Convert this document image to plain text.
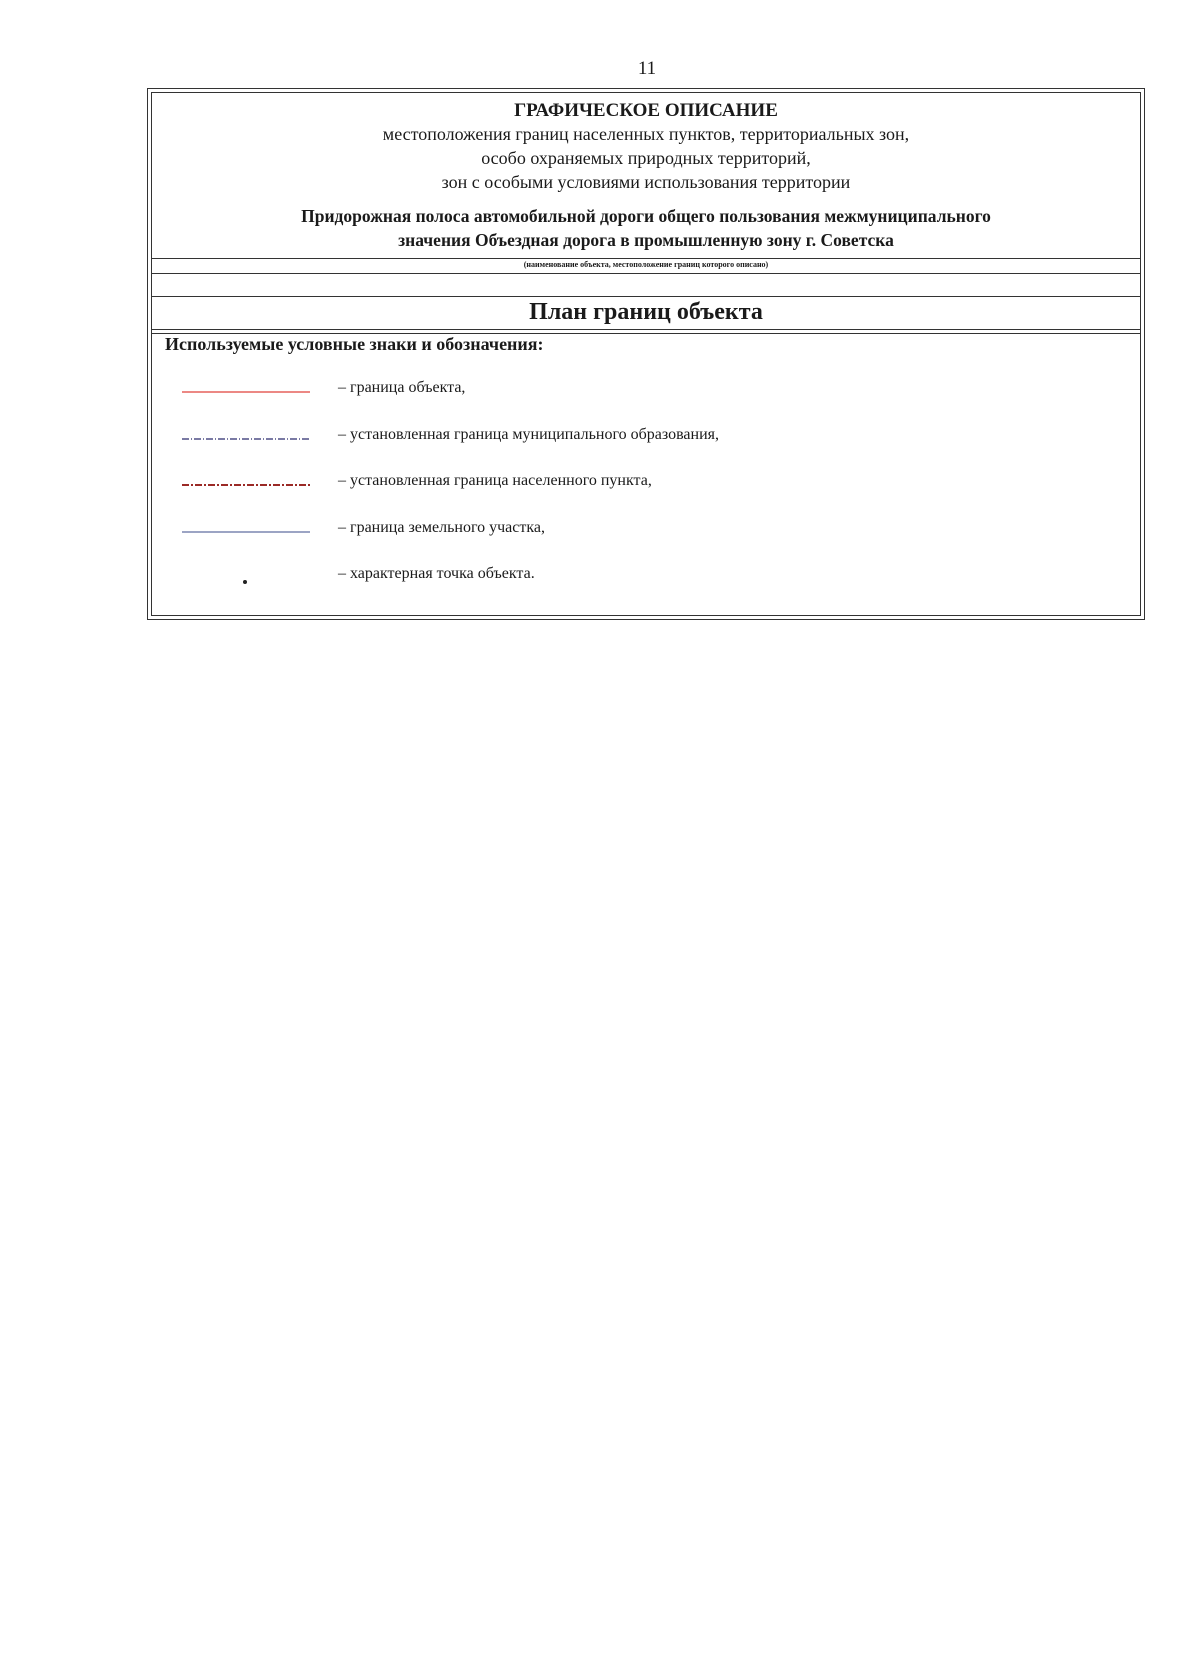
11
ГРАФИЧЕСКОЕ ОПИСАНИЕ
местоположения границ населенных пунктов, территориальных зон,
особо охраняемых природных территорий,
зон с особыми условиями использования территории
Придорожная полоса автомобильной дороги общего пользования межмуниципального
значения Объездная дорога в промышленную зону г. Советска
(наименование объекта, местоположение границ которого описано)
План границ объекта
Используемые условные знаки и обозначения:
– граница объекта,
– установленная граница муниципального образования,
– установленная граница населенного пункта,
– граница земельного участка,
– характерная точка объекта.
